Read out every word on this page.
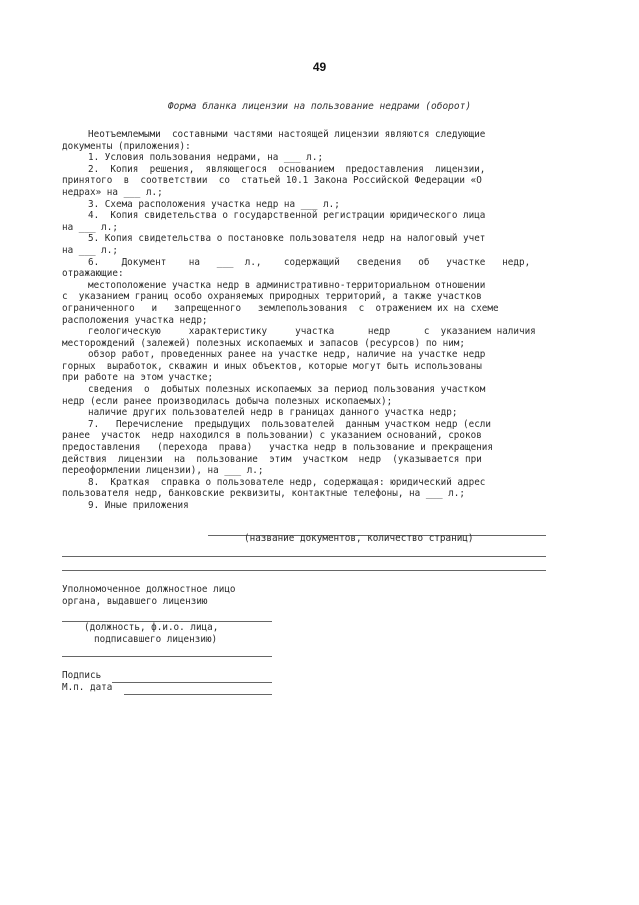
49
Форма бланка лицензии на пользование недрами (оборот)
Неотъемлемыми  составными частями настоящей лицензии являются следующие
документы (приложения):
1. Условия пользования недрами, на ___ л.;
2.  Копия  решения,  являющегося  основанием  предоставления  лицензии,
принятого  в  соответствии  со  статьей 10.1 Закона Российской Федерации «О
недрах» на ___ л.;
3. Схема расположения участка недр на ___ л.;
4.  Копия свидетельства о государственной регистрации юридического лица
на ___ л.;
5. Копия свидетельства о постановке пользователя недр на налоговый учет
на ___ л.;
6.    Документ    на   ___  л.,    содержащий   сведения   об   участке   недр,
отражающие:
местоположение участка недр в административно-территориальном отношении
с  указанием границ особо охраняемых природных территорий, а также участков
ограниченного   и   запрещенного   землепользования  с  отражением их на схеме
расположения участка недр;
геологическую     характеристику     участка      недр      с  указанием наличия
месторождений (залежей) полезных ископаемых и запасов (ресурсов) по ним;
обзор работ, проведенных ранее на участке недр, наличие на участке недр
горных  выработок, скважин и иных объектов, которые могут быть использованы
при работе на этом участке;
сведения  о  добытых полезных ископаемых за период пользования участком
недр (если ранее производилась добыча полезных ископаемых);
наличие других пользователей недр в границах данного участка недр;
7.   Перечисление  предыдущих  пользователей  данным участком недр (если
ранее  участок  недр находился в пользовании) с указанием оснований, сроков
предоставления   (перехода  права)   участка недр в пользование и прекращения
действия  лицензии  на  пользование  этим  участком  недр  (указывается при
переоформлении лицензии), на ___ л.;
8.  Краткая  справка о пользователе недр, содержащая: юридический адрес
пользователя недр, банковские реквизиты, контактные телефоны, на ___ л.;
9. Иные приложения
(название документов, количество страниц)
Уполномоченное должностное лицо
органа, выдавшего лицензию
(должность, ф.и.о. лица,
подписавшего лицензию)
Подпись
М.п. дата
